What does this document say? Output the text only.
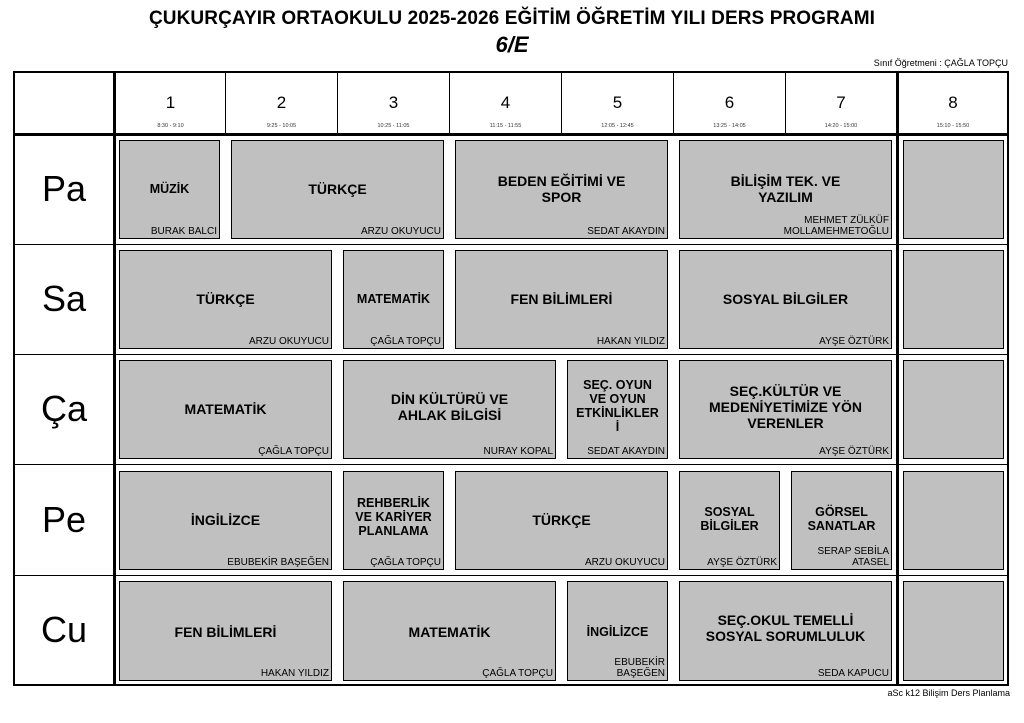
ÇUKURÇAYIR ORTAOKULU 2025-2026 EĞİTİM ÖĞRETİM YILI DERS PROGRAMI
6/E
Sınıf Öğretmeni : ÇAĞLA TOPÇU
1
8:30 - 9:10
2
9:25 - 10:05
3
10:25 - 11:05
4
11:15 - 11:55
5
12:05 - 12:45
6
13:25 - 14:05
7
14:20 - 15:00
8
15:10 - 15:50
Pa
Sa
Ça
Pe
Cu
MÜZİK
BURAK BALCI
TÜRKÇE
ARZU OKUYUCU
BEDEN EĞİTİMİ VE
SPOR
SEDAT AKAYDIN
BİLİŞİM TEK. VE
YAZILIM
MEHMET ZÜLKÜF
MOLLAMEHMETOĞLU
TÜRKÇE
ARZU OKUYUCU
MATEMATİK
ÇAĞLA TOPÇU
FEN BİLİMLERİ
HAKAN YILDIZ
SOSYAL BİLGİLER
AYŞE ÖZTÜRK
MATEMATİK
ÇAĞLA TOPÇU
DİN KÜLTÜRÜ VE
AHLAK BİLGİSİ
NURAY KOPAL
SEÇ. OYUN
VE OYUN
ETKİNLİKLER
İ
SEDAT AKAYDIN
SEÇ.KÜLTÜR VE
MEDENİYETİMİZE YÖN
VERENLER
AYŞE ÖZTÜRK
İNGİLİZCE
EBUBEKİR BAŞEĞEN
REHBERLİK
VE KARİYER
PLANLAMA
ÇAĞLA TOPÇU
TÜRKÇE
ARZU OKUYUCU
SOSYAL
BİLGİLER
AYŞE ÖZTÜRK
GÖRSEL
SANATLAR
SERAP SEBİLA
ATASEL
FEN BİLİMLERİ
HAKAN YILDIZ
MATEMATİK
ÇAĞLA TOPÇU
İNGİLİZCE
EBUBEKİR
BAŞEĞEN
SEÇ.OKUL TEMELLİ
SOSYAL SORUMLULUK
SEDA KAPUCU
aSc k12 Bilişim Ders Planlama
